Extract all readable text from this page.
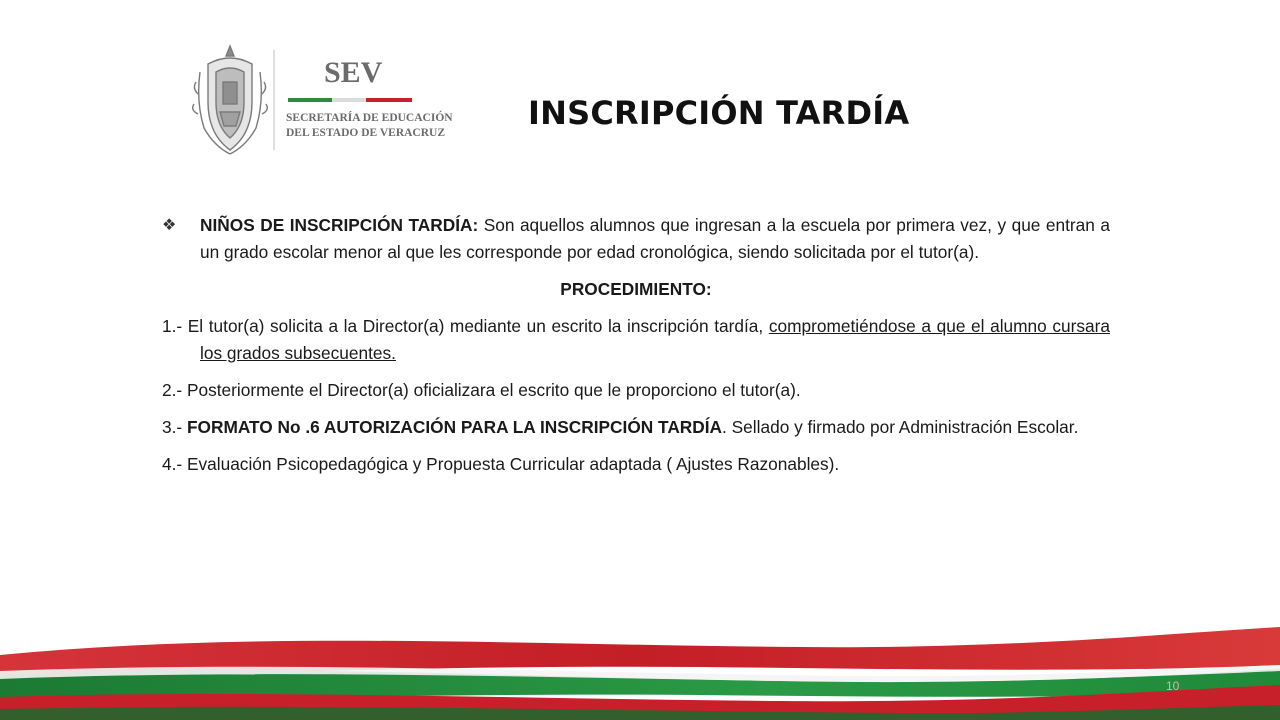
SEV
SECRETARÍA DE EDUCACIÓN
DEL ESTADO DE VERACRUZ
INSCRIPCIÓN TARDÍA

❖ NIÑOS DE INSCRIPCIÓN TARDÍA: Son aquellos alumnos que ingresan a la escuela por primera vez, y que entran a un grado escolar menor al que les corresponde por edad cronológica, siendo solicitada por el tutor(a).

PROCEDIMIENTO:

1.- El tutor(a) solicita a la Director(a) mediante un escrito la inscripción tardía, comprometiéndose a que el alumno cursara los grados subsecuentes.

2.- Posteriormente el Director(a) oficializara el escrito que le proporciono el tutor(a).

3.- FORMATO No .6 AUTORIZACIÓN PARA LA INSCRIPCIÓN TARDÍA. Sellado y firmado por Administración Escolar.

4.- Evaluación Psicopedagógica y Propuesta Curricular adaptada ( Ajustes Razonables).

10
